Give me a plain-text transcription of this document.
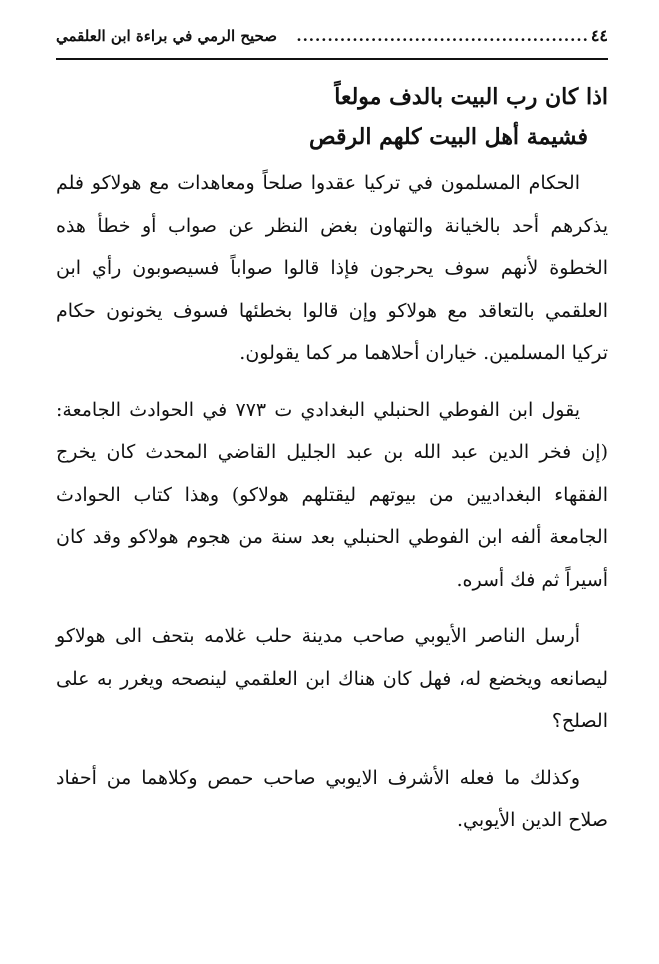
٤٤
...............................................
صحيح الرمي في براءة ابن العلقمي

اذا كان رب البيت بالدف مولعاً

فشيمة أهل البيت كلهم الرقص

الحكام المسلمون في تركيا عقدوا صلحاً ومعاهدات مع هولاكو فلم يذكرهم أحد بالخيانة والتهاون بغض النظر عن صواب أو خطأ هذه الخطوة لأنهم سوف يحرجون فإذا قالوا صواباً فسيصوبون رأي ابن العلقمي بالتعاقد مع هولاكو وإن قالوا بخطئها فسوف يخونون حكام تركيا المسلمين. خياران أحلاهما مر كما يقولون.

يقول ابن الفوطي الحنبلي البغدادي ت ٧٧٣ في الحوادث الجامعة: (إن فخر الدين عبد الله بن عبد الجليل القاضي المحدث كان يخرج الفقهاء البغداديين من بيوتهم ليقتلهم هولاكو) وهذا كتاب الحوادث الجامعة ألفه ابن الفوطي الحنبلي بعد سنة من هجوم هولاكو وقد كان أسيراً ثم فك أسره.

أرسل الناصر الأيوبي صاحب مدينة حلب غلامه بتحف الى هولاكو ليصانعه ويخضع له، فهل كان هناك ابن العلقمي لينصحه ويغرر به على الصلح؟

وكذلك ما فعله الأشرف الايوبي صاحب حمص وكلاهما من أحفاد صلاح الدين الأيوبي.
